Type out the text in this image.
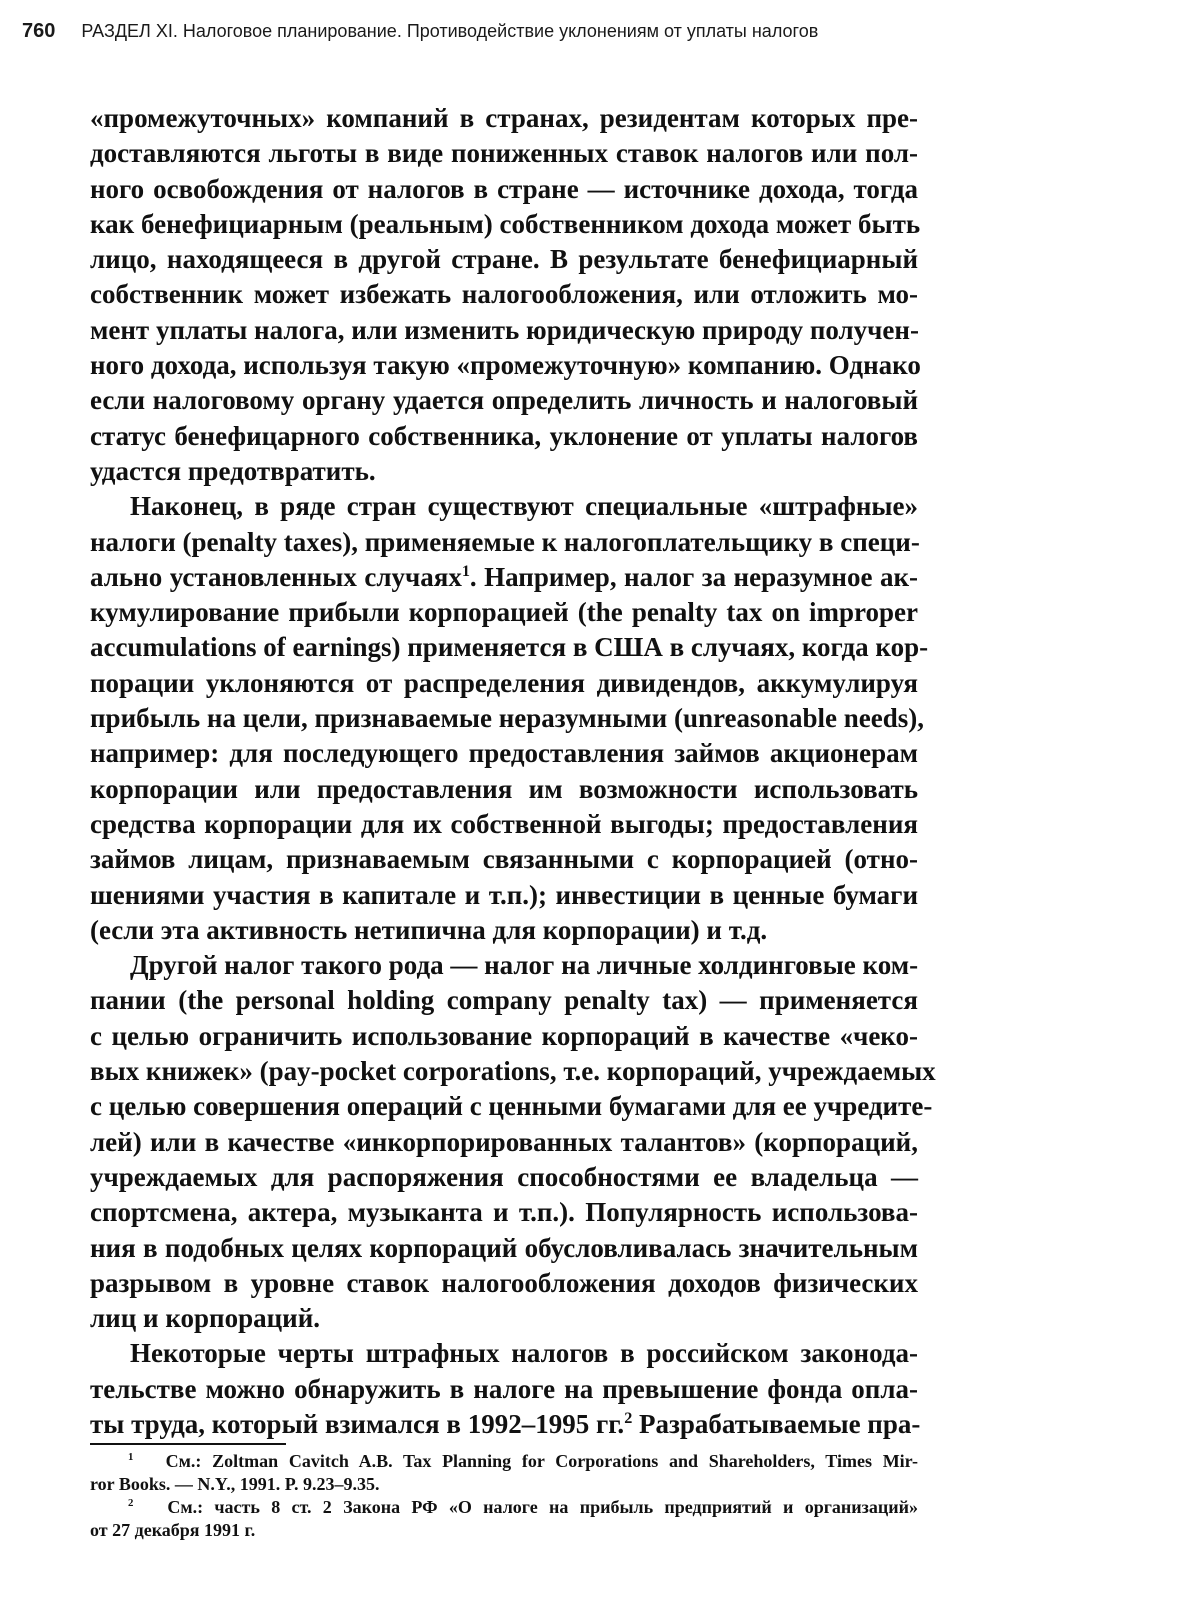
760 РАЗДЕЛ XI. Налоговое планирование. Противодействие уклонениям от уплаты налогов
«промежуточных» компаний в странах, резидентам которых пре-
доставляются льготы в виде пониженных ставок налогов или пол-
ного освобождения от налогов в стране — источнике дохода, тогда
как бенефициарным (реальным) собственником дохода может быть
лицо, находящееся в другой стране. В результате бенефициарный
собственник может избежать налогообложения, или отложить мо-
мент уплаты налога, или изменить юридическую природу получен-
ного дохода, используя такую «промежуточную» компанию. Однако
если налоговому органу удается определить личность и налоговый
статус бенефицарного собственника, уклонение от уплаты налогов
удастся предотвратить.
Наконец, в ряде стран существуют специальные «штрафные»
налоги (penalty taxes), применяемые к налогоплательщику в специ-
ально установленных случаях$^1$. Например, налог за неразумное ак-
кумулирование прибыли корпорацией (the penalty tax on improper
accumulations of earnings) применяется в США в случаях, когда кор-
порации уклоняются от распределения дивидендов, аккумулируя
прибыль на цели, признаваемые неразумными (unreasonable needs),
например: для последующего предоставления займов акционерам
корпорации или предоставления им возможности использовать
средства корпорации для их собственной выгоды; предоставления
займов лицам, признаваемым связанными с корпорацией (отно-
шениями участия в капитале и т.п.); инвестиции в ценные бумаги
(если эта активность нетипична для корпорации) и т.д.
Другой налог такого рода — налог на личные холдинговые ком-
пании (the personal holding company penalty tax) — применяется
с целью ограничить использование корпораций в качестве «чеко-
вых книжек» (pay-pocket corporations, т.е. корпораций, учреждаемых
с целью совершения операций с ценными бумагами для ее учредите-
лей) или в качестве «инкорпорированных талантов» (корпораций,
учреждаемых для распоряжения способностями ее владельца —
спортсмена, актера, музыканта и т.п.). Популярность использова-
ния в подобных целях корпораций обусловливалась значительным
разрывом в уровне ставок налогообложения доходов физических
лиц и корпораций.
Некоторые черты штрафных налогов в российском законода-
тельстве можно обнаружить в налоге на превышение фонда опла-
ты труда, который взимался в 1992–1995 гг.$^2$ Разрабатываемые пра-
$^1$ См.: Zoltman Cavitch A.B. Tax Planning for Corporations and Shareholders, Times Mir-
ror Books. — N.Y., 1991. P. 9.23–9.35.
$^2$ См.: часть 8 ст. 2 Закона РФ «О налоге на прибыль предприятий и организаций»
от 27 декабря 1991 г.
